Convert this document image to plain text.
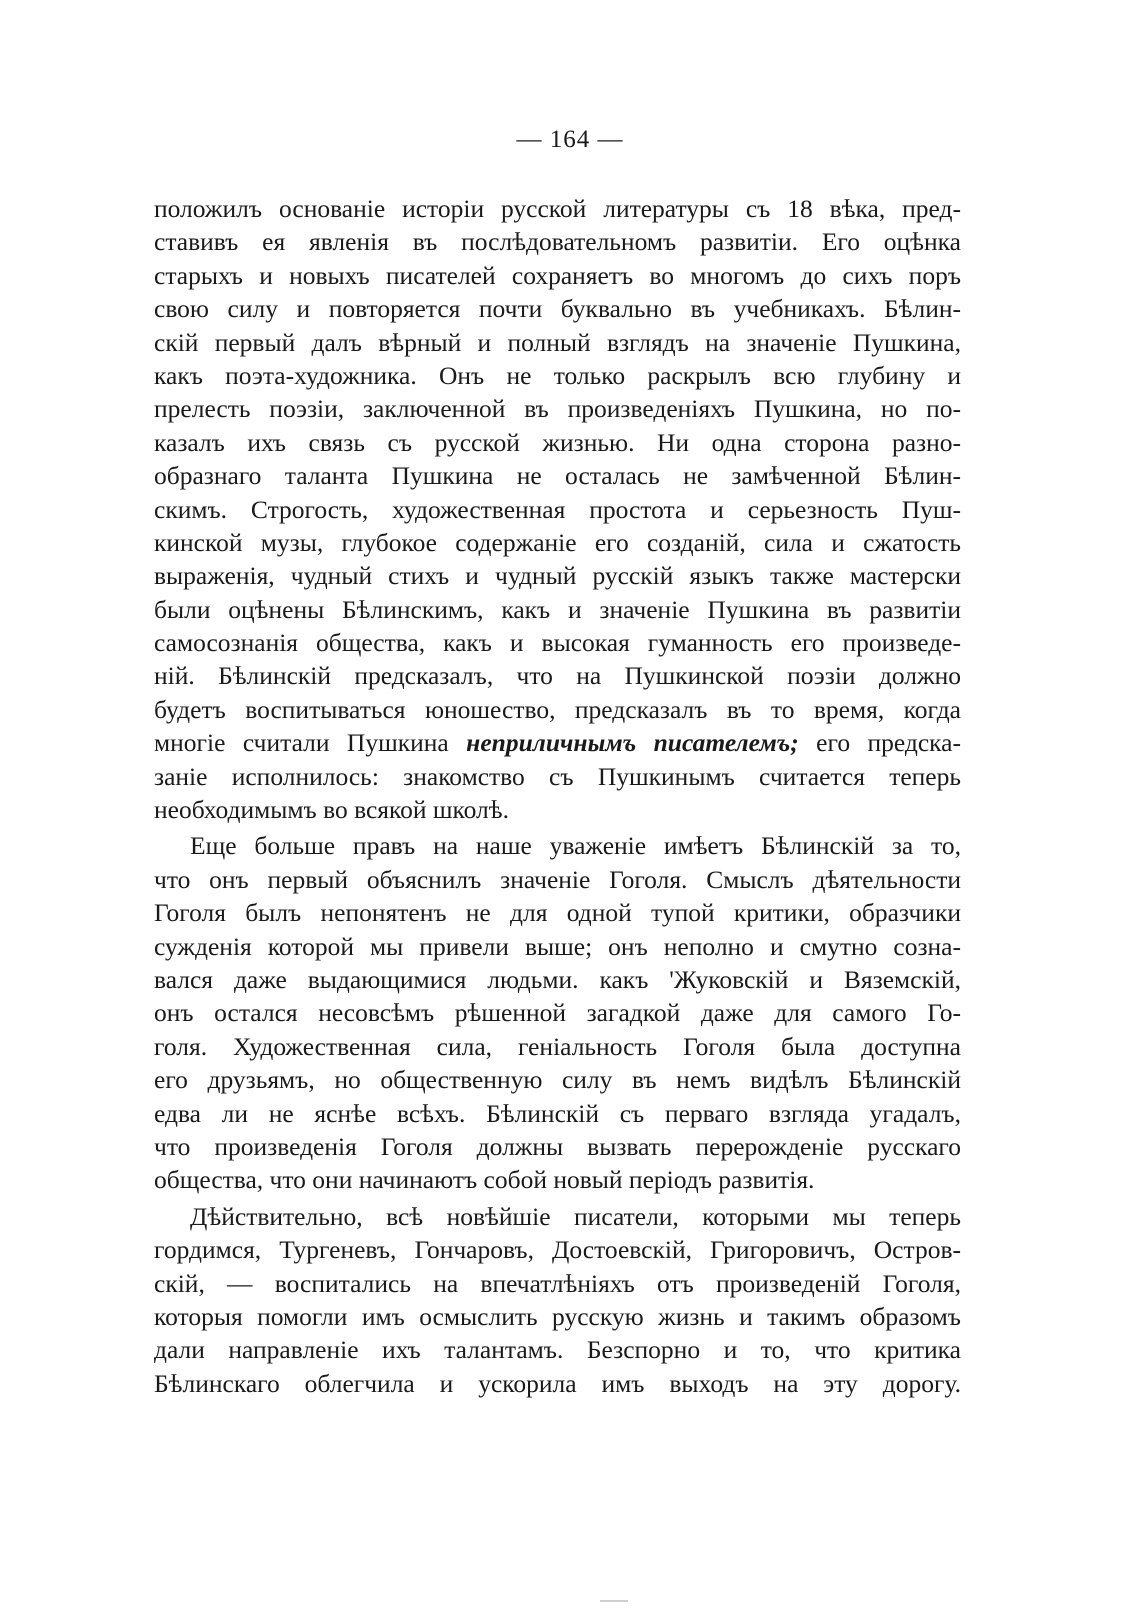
— 164 —
положилъ основаніе исторіи русской литературы съ 18 вѣка, пред-
ставивъ ея явленія въ послѣдовательномъ развитіи. Его оцѣнка
старыхъ и новыхъ писателей сохраняетъ во многомъ до сихъ поръ
свою силу и повторяется почти буквально въ учебникахъ. Бѣлин-
скій первый далъ вѣрный и полный взглядъ на значеніе Пушкина,
какъ поэта-художника. Онъ не только раскрылъ всю глубину и
прелесть поэзіи, заключенной въ произведеніяхъ Пушкина, но по-
казалъ ихъ связь съ русской жизнью. Ни одна сторона разно-
образнаго таланта Пушкина не осталась не замѣченной Бѣлин-
скимъ. Строгость, художественная простота и серьезность Пуш-
кинской музы, глубокое содержаніе его созданій, сила и сжатость
выраженія, чудный стихъ и чудный русскій языкъ также мастерски
были оцѣнены Бѣлинскимъ, какъ и значеніе Пушкина въ развитіи
самосознанія общества, какъ и высокая гуманность его произведе-
ній. Бѣлинскій предсказалъ, что на Пушкинской поэзіи должно
будетъ воспитываться юношество, предсказалъ въ то время, когда
многіе считали Пушкина неприличнымъ писателемъ; его предска-
заніе исполнилось: знакомство съ Пушкинымъ считается теперь
необходимымъ во всякой школѣ.
Еще больше правъ на наше уваженіе имѣетъ Бѣлинскій за то,
что онъ первый объяснилъ значеніе Гоголя. Смыслъ дѣятельности
Гоголя былъ непонятенъ не для одной тупой критики, образчики
сужденія которой мы привели выше; онъ неполно и смутно созна-
вался даже выдающимися людьми. какъ 'Жуковскій и Вяземскій,
онъ остался несовсѣмъ рѣшенной загадкой даже для самого Го-
голя. Художественная сила, геніальность Гоголя была доступна
его друзьямъ, но общественную силу въ немъ видѣлъ Бѣлинскій
едва ли не яснѣе всѣхъ. Бѣлинскій съ перваго взгляда угадалъ,
что произведенія Гоголя должны вызвать перерожденіе русскаго
общества, что они начинаютъ собой новый періодъ развитія.
Дѣйствительно, всѣ новѣйшіе писатели, которыми мы теперь
гордимся, Тургеневъ, Гончаровъ, Достоевскій, Григоровичъ, Остров-
скій, — воспитались на впечатлѣніяхъ отъ произведеній Гоголя,
которыя помогли имъ осмыслить русскую жизнь и такимъ образомъ
дали направленіе ихъ талантамъ. Безспорно и то, что критика
Бѣлинскаго облегчила и ускорила имъ выходъ на эту дорогу.
